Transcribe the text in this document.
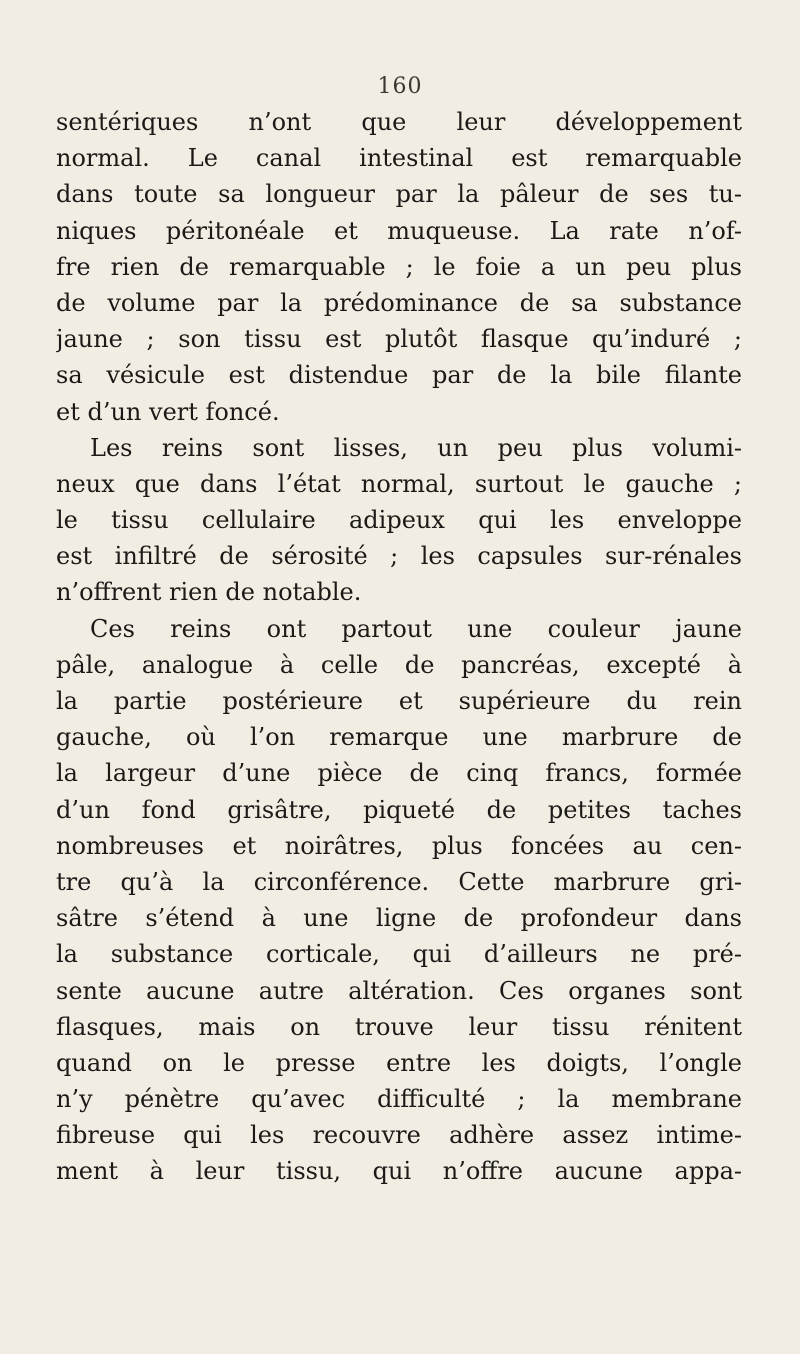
160
sentériques n’ont que leur développement
normal. Le canal intestinal est remarquable
dans toute sa longueur par la pâleur de ses tu-
niques péritonéale et muqueuse. La rate n’of-
fre rien de remarquable ; le foie a un peu plus
de volume par la prédominance de sa substance
jaune ; son tissu est plutôt flasque qu’induré ;
sa vésicule est distendue par de la bile filante
et d’un vert foncé.
Les reins sont lisses, un peu plus volumi-
neux que dans l’état normal, surtout le gauche ;
le tissu cellulaire adipeux qui les enveloppe
est infiltré de sérosité ; les capsules sur-rénales
n’offrent rien de notable.
Ces reins ont partout une couleur jaune
pâle, analogue à celle de pancréas, excepté à
la partie postérieure et supérieure du rein
gauche, où l’on remarque une marbrure de
la largeur d’une pièce de cinq francs, formée
d’un fond grisâtre, piqueté de petites taches
nombreuses et noirâtres, plus foncées au cen-
tre qu’à la circonférence. Cette marbrure gri-
sâtre s’étend à une ligne de profondeur dans
la substance corticale, qui d’ailleurs ne pré-
sente aucune autre altération. Ces organes sont
flasques, mais on trouve leur tissu rénitent
quand on le presse entre les doigts, l’ongle
n’y pénètre qu’avec difficulté ; la membrane
fibreuse qui les recouvre adhère assez intime-
ment à leur tissu, qui n’offre aucune appa-
